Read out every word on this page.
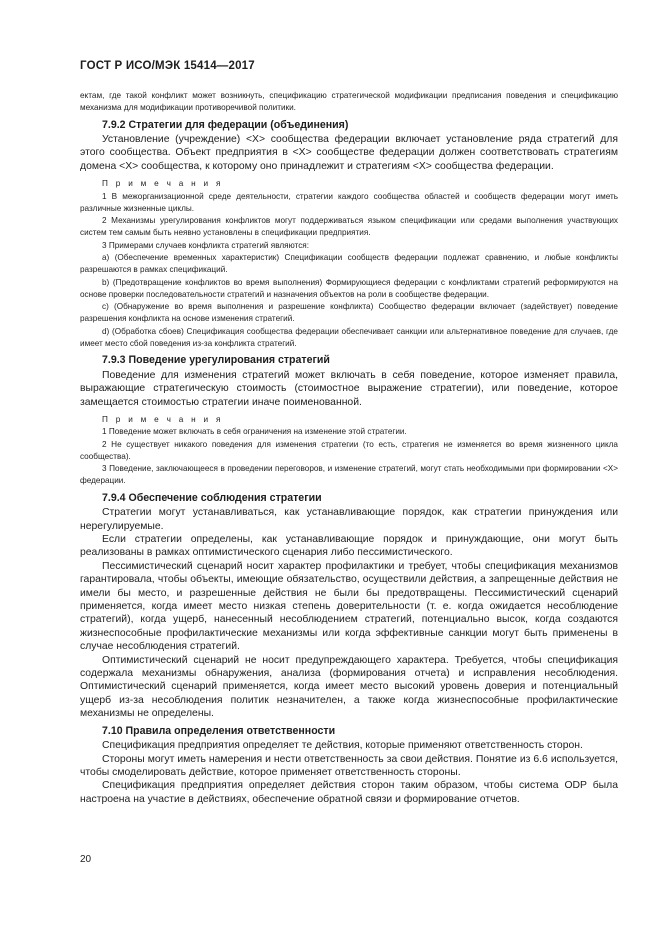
ГОСТ Р ИСО/МЭК 15414—2017

ектам, где такой конфликт может возникнуть, спецификацию стратегической модификации предписания поведения и спецификацию механизма для модификации противоречивой политики.

7.9.2 Стратегии для федерации (объединения)

Установление (учреждение) <X> сообщества федерации включает установление ряда стратегий для этого сообщества. Объект предприятия в <X> сообществе федерации должен соответствовать стратегиям домена <X> сообщества, к которому оно принадлежит и стратегиям <X> сообщества федерации.

П р и м е ч а н и я

1 В межорганизационной среде деятельности, стратегии каждого сообщества областей и сообществ федерации могут иметь различные жизненные циклы.

2 Механизмы урегулирования конфликтов могут поддерживаться языком спецификации или средами выполнения участвующих систем тем самым быть неявно установлены в спецификации предприятия.

3 Примерами случаев конфликта стратегий являются:

а) (Обеспечение временных характеристик) Спецификации сообществ федерации подлежат сравнению, и любые конфликты разрешаются в рамках спецификаций.

b) (Предотвращение конфликтов во время выполнения) Формирующиеся федерации с конфликтами стратегий реформируются на основе проверки последовательности стратегий и назначения объектов на роли в сообществе федерации.

с) (Обнаружение во время выполнения и разрешение конфликта) Сообщество федерации включает (задействует) поведение разрешения конфликта на основе изменения стратегий.

d) (Обработка сбоев) Спецификация сообщества федерации обеспечивает санкции или альтернативное поведение для случаев, где имеет место сбой поведения из-за конфликта стратегий.

7.9.3 Поведение урегулирования стратегий

Поведение для изменения стратегий может включать в себя поведение, которое изменяет правила, выражающие стратегическую стоимость (стоимостное выражение стратегии), или поведение, которое замещается стоимостью стратегии иначе поименованной.

П р и м е ч а н и я

1 Поведение может включать в себя ограничения на изменение этой стратегии.

2 Не существует никакого поведения для изменения стратегии (то есть, стратегия не изменяется во время жизненного цикла сообщества).

3 Поведение, заключающееся в проведении переговоров, и изменение стратегий, могут стать необходимыми при формировании <X> федерации.

7.9.4 Обеспечение соблюдения стратегии

Стратегии могут устанавливаться, как устанавливающие порядок, как стратегии принуждения или нерегулируемые.

Если стратегии определены, как устанавливающие порядок и принуждающие, они могут быть реализованы в рамках оптимистического сценария либо пессимистического.

Пессимистический сценарий носит характер профилактики и требует, чтобы спецификация механизмов гарантировала, чтобы объекты, имеющие обязательство, осуществили действия, а запрещенные действия не имели бы место, и разрешенные действия не были бы предотвращены. Пессимистический сценарий применяется, когда имеет место низкая степень доверительности (т. е. когда ожидается несоблюдение стратегий), когда ущерб, нанесенный несоблюдением стратегий, потенциально высок, когда создаются жизнеспособные профилактические механизмы или когда эффективные санкции могут быть применены в случае несоблюдения стратегий.

Оптимистический сценарий не носит предупреждающего характера. Требуется, чтобы спецификация содержала механизмы обнаружения, анализа (формирования отчета) и исправления несоблюдения. Оптимистический сценарий применяется, когда имеет место высокий уровень доверия и потенциальный ущерб из-за несоблюдения политик незначителен, а также когда жизнеспособные профилактические механизмы не определены.

7.10 Правила определения ответственности

Спецификация предприятия определяет те действия, которые применяют ответственность сторон.

Стороны могут иметь намерения и нести ответственность за свои действия. Понятие из 6.6 используется, чтобы смоделировать действие, которое применяет ответственность стороны.

Спецификация предприятия определяет действия сторон таким образом, чтобы система ODP была настроена на участие в действиях, обеспечение обратной связи и формирование отчетов.

20
